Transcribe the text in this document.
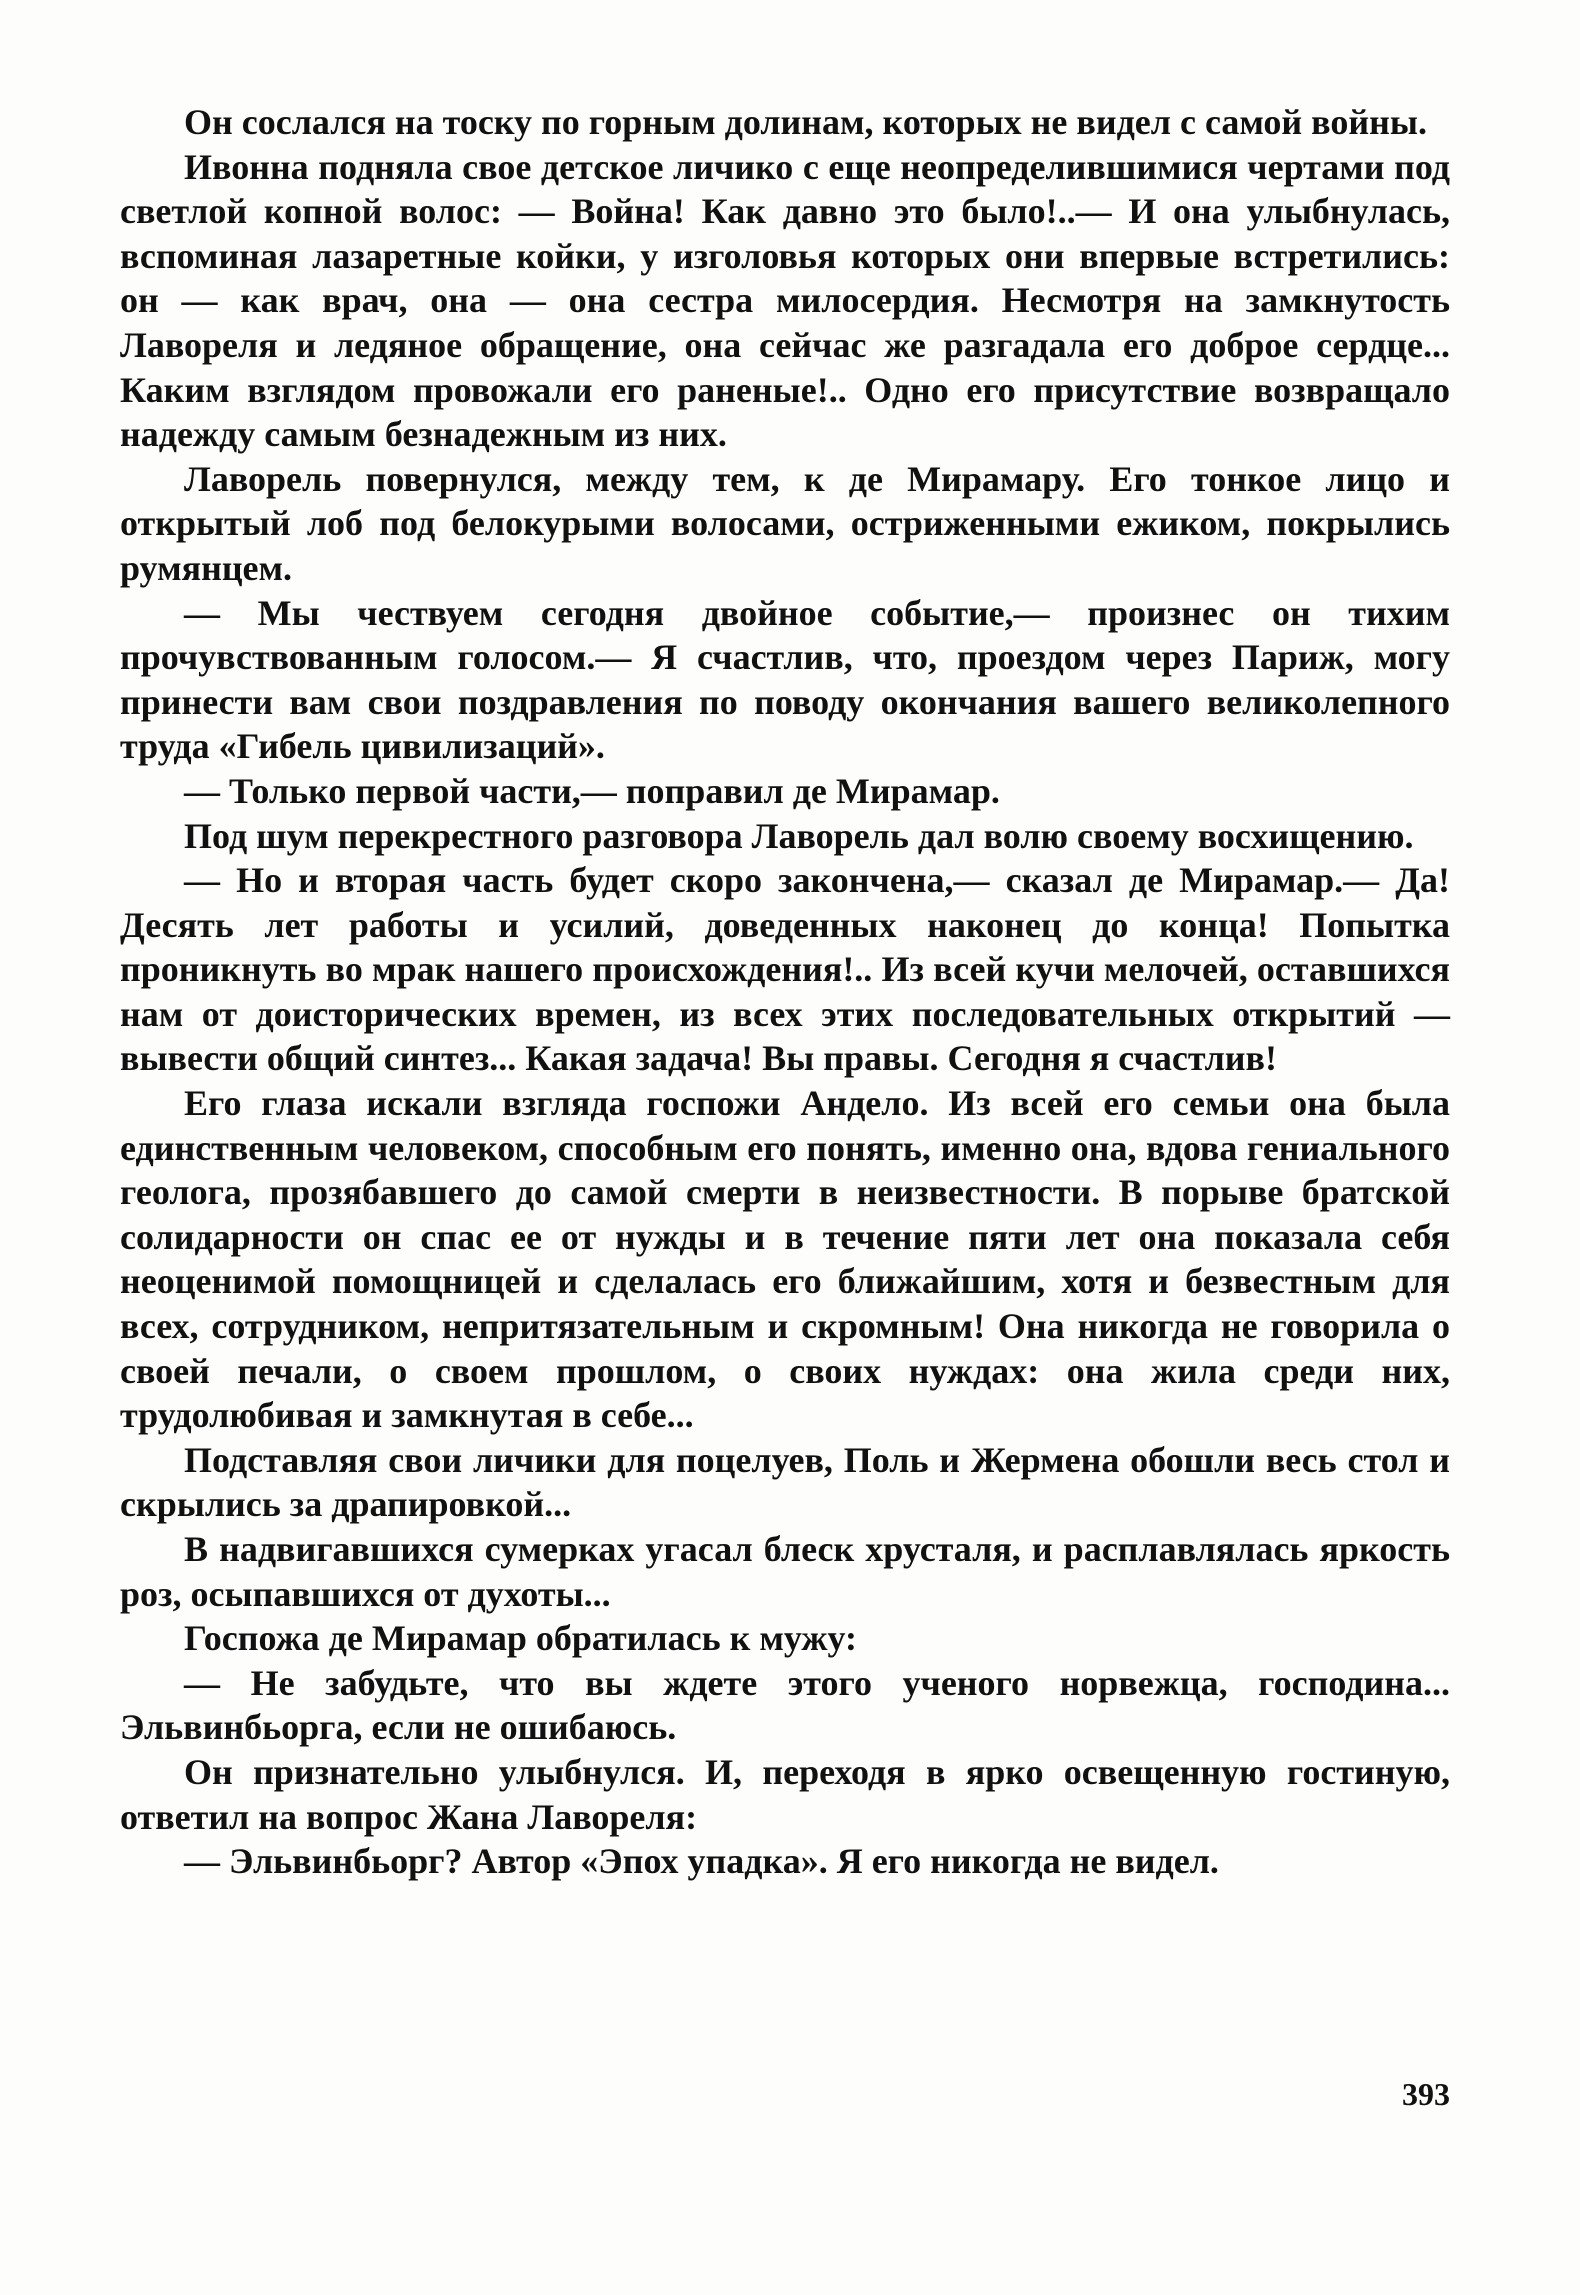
Он сослался на тоску по горным долинам, которых не видел с самой войны.

Ивонна подняла свое детское личико с еще неопределившимися чертами под светлой копной волос: — Война! Как давно это было!..— И она улыбнулась, вспоминая лазаретные койки, у изголовья которых они впервые встретились: он — как врач, она — она сестра милосердия. Несмотря на замкнутость Лавореля и ледяное обращение, она сейчас же разгадала его доброе сердце... Каким взглядом провожали его раненые!.. Одно его присутствие возвращало надежду самым безнадежным из них.

Лаворель повернулся, между тем, к де Мирамару. Его тонкое лицо и открытый лоб под белокурыми волосами, остриженными ежиком, покрылись румянцем.

— Мы чествуем сегодня двойное событие,— произнес он тихим прочувствованным голосом.— Я счастлив, что, проездом через Париж, могу принести вам свои поздравления по поводу окончания вашего великолепного труда «Гибель цивилизаций».

— Только первой части,— поправил де Мирамар.

Под шум перекрестного разговора Лаворель дал волю своему восхищению.

— Но и вторая часть будет скоро закончена,— сказал де Мирамар.— Да! Десять лет работы и усилий, доведенных наконец до конца! Попытка проникнуть во мрак нашего происхождения!.. Из всей кучи мелочей, оставшихся нам от доисторических времен, из всех этих последовательных открытий — вывести общий синтез... Какая задача! Вы правы. Сегодня я счастлив!

Его глаза искали взгляда госпожи Андело. Из всей его семьи она была единственным человеком, способным его понять, именно она, вдова гениального геолога, прозябавшего до самой смерти в неизвестности. В порыве братской солидарности он спас ее от нужды и в течение пяти лет она показала себя неоценимой помощницей и сделалась его ближайшим, хотя и безвестным для всех, сотрудником, непритязательным и скромным! Она никогда не говорила о своей печали, о своем прошлом, о своих нуждах: она жила среди них, трудолюбивая и замкнутая в себе...

Подставляя свои личики для поцелуев, Поль и Жермена обошли весь стол и скрылись за драпировкой...

В надвигавшихся сумерках угасал блеск хрусталя, и расплавлялась яркость роз, осыпавшихся от духоты...

Госпожа де Мирамар обратилась к мужу:

— Не забудьте, что вы ждете этого ученого норвежца, господина... Эльвинбьорга, если не ошибаюсь.

Он признательно улыбнулся. И, переходя в ярко освещенную гостиную, ответил на вопрос Жана Лавореля:

— Эльвинбьорг? Автор «Эпох упадка». Я его никогда не видел.

393
